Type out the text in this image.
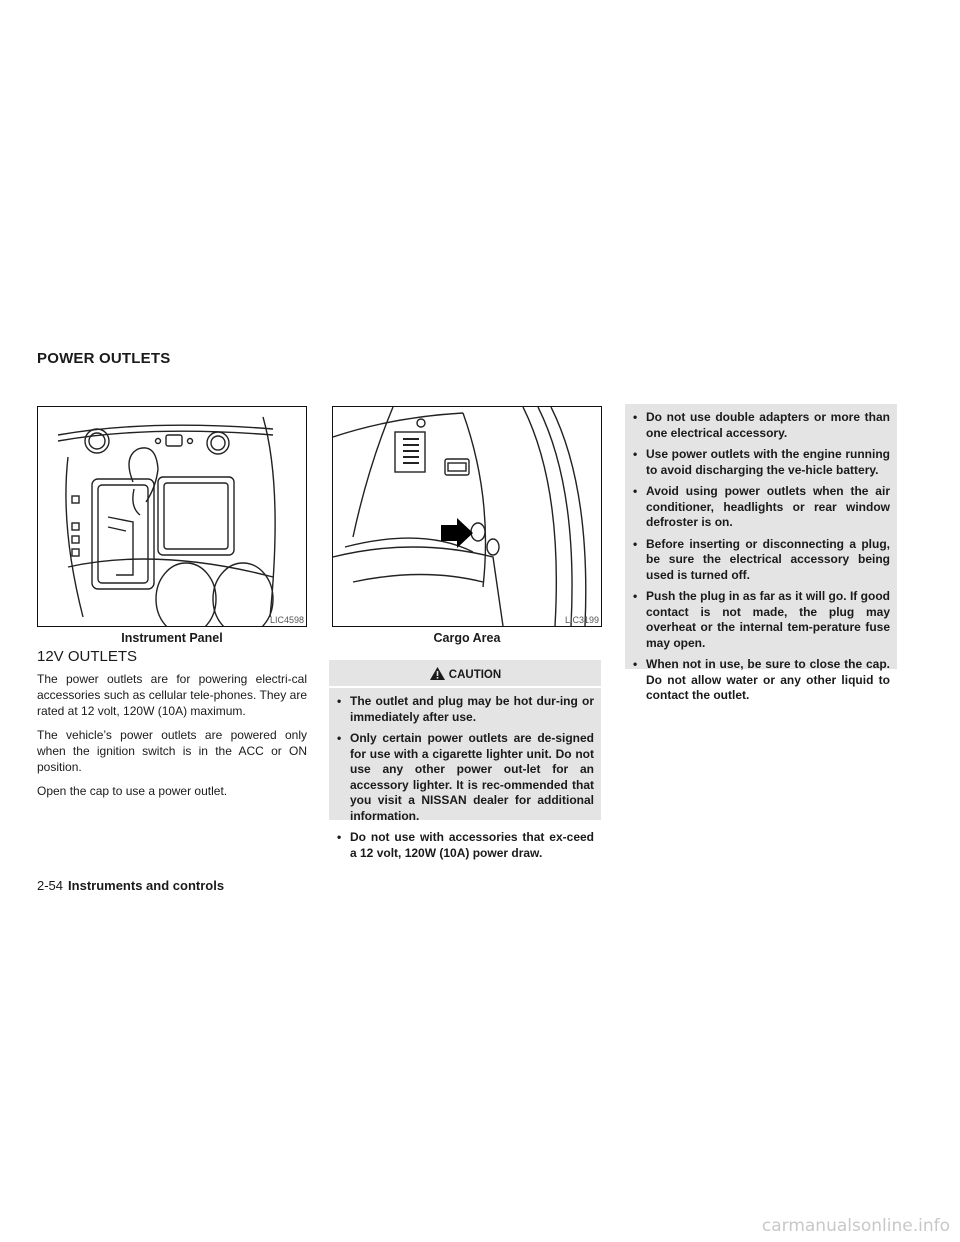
POWER OUTLETS
LIC4598
Instrument Panel
LIC3199
Cargo Area
12V OUTLETS

The power outlets are for powering electri-cal accessories such as cellular tele-phones. They are rated at 12 volt, 120W (10A) maximum.

The vehicle’s power outlets are powered only when the ignition switch is in the ACC or ON position.

Open the cap to use a power outlet.

CAUTION
• The outlet and plug may be hot dur-ing or immediately after use.
• Only certain power outlets are de-signed for use with a cigarette lighter unit. Do not use any other power out-let for an accessory lighter. It is rec-ommended that you visit a NISSAN dealer for additional information.
• Do not use with accessories that ex-ceed a 12 volt, 120W (10A) power draw.
• Do not use double adapters or more than one electrical accessory.
• Use power outlets with the engine running to avoid discharging the ve-hicle battery.
• Avoid using power outlets when the air conditioner, headlights or rear window defroster is on.
• Before inserting or disconnecting a plug, be sure the electrical accessory being used is turned off.
• Push the plug in as far as it will go. If good contact is not made, the plug may overheat or the internal tem-perature fuse may open.
• When not in use, be sure to close the cap. Do not allow water or any other liquid to contact the outlet.
2-54 Instruments and controls
carmanualsonline.info
